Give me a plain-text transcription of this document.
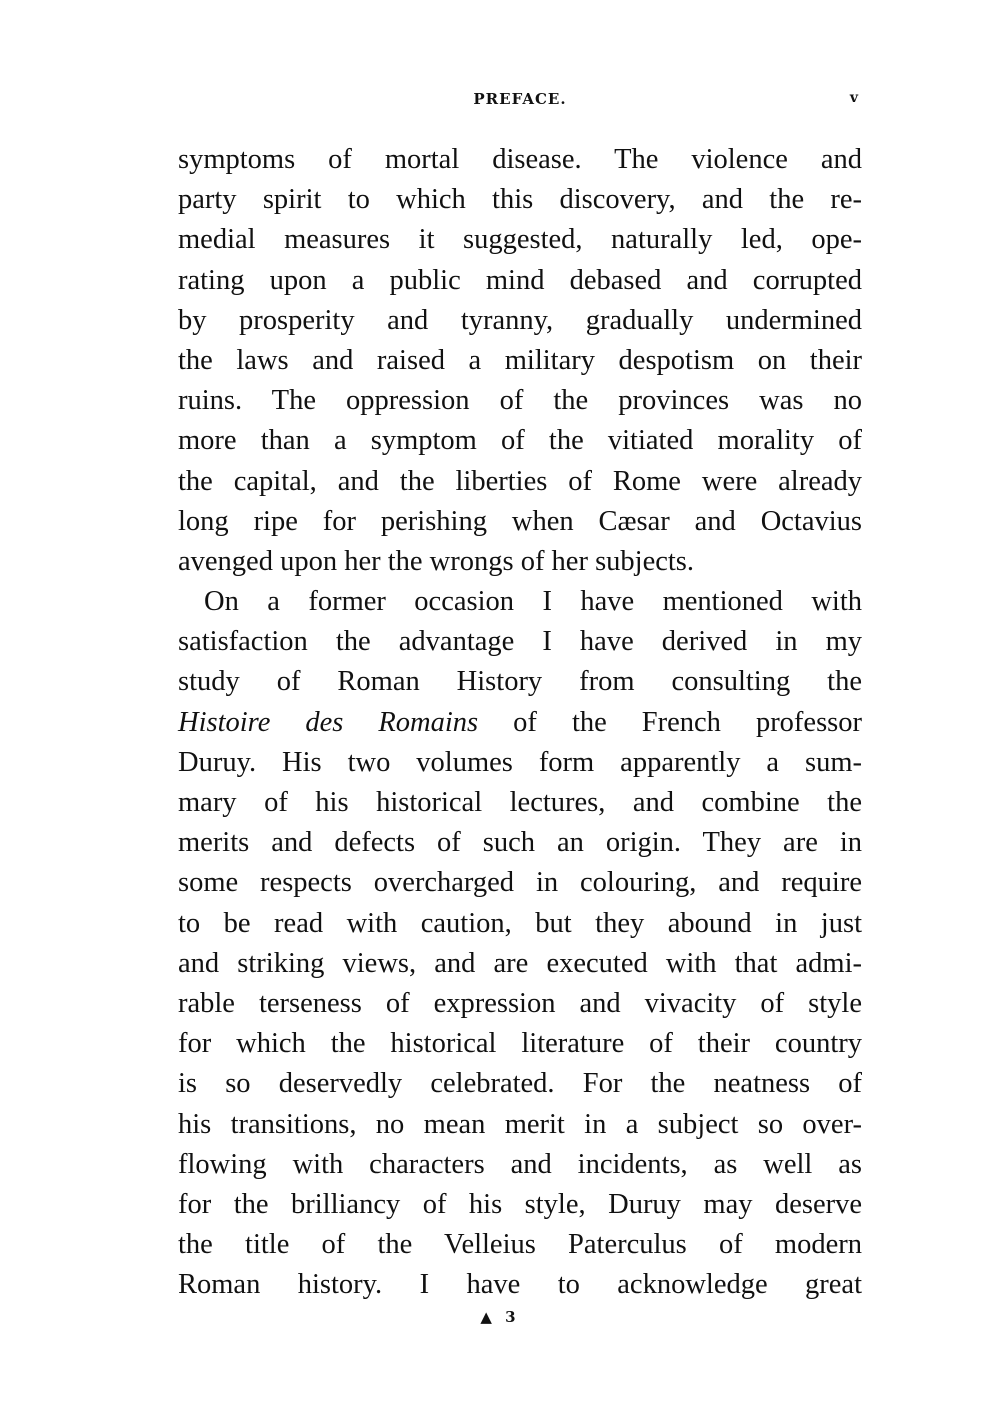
PREFACE.	v
symptoms of mortal disease. The violence and
party spirit to which this discovery, and the re-
medial measures it suggested, naturally led, ope-
rating upon a public mind debased and corrupted
by prosperity and tyranny, gradually undermined
the laws and raised a military despotism on their
ruins. The oppression of the provinces was no
more than a symptom of the vitiated morality of
the capital, and the liberties of Rome were already
long ripe for perishing when Cæsar and Octavius
avenged upon her the wrongs of her subjects.
On a former occasion I have mentioned with
satisfaction the advantage I have derived in my
study of Roman History from consulting the
Histoire des Romains of the French professor
Duruy. His two volumes form apparently a sum-
mary of his historical lectures, and combine the
merits and defects of such an origin. They are in
some respects overcharged in colouring, and require
to be read with caution, but they abound in just
and striking views, and are executed with that admi-
rable terseness of expression and vivacity of style
for which the historical literature of their country
is so deservedly celebrated. For the neatness of
his transitions, no mean merit in a subject so over-
flowing with characters and incidents, as well as
for the brilliancy of his style, Duruy may deserve
the title of the Velleius Paterculus of modern
Roman history. I have to acknowledge great
▲ 3
